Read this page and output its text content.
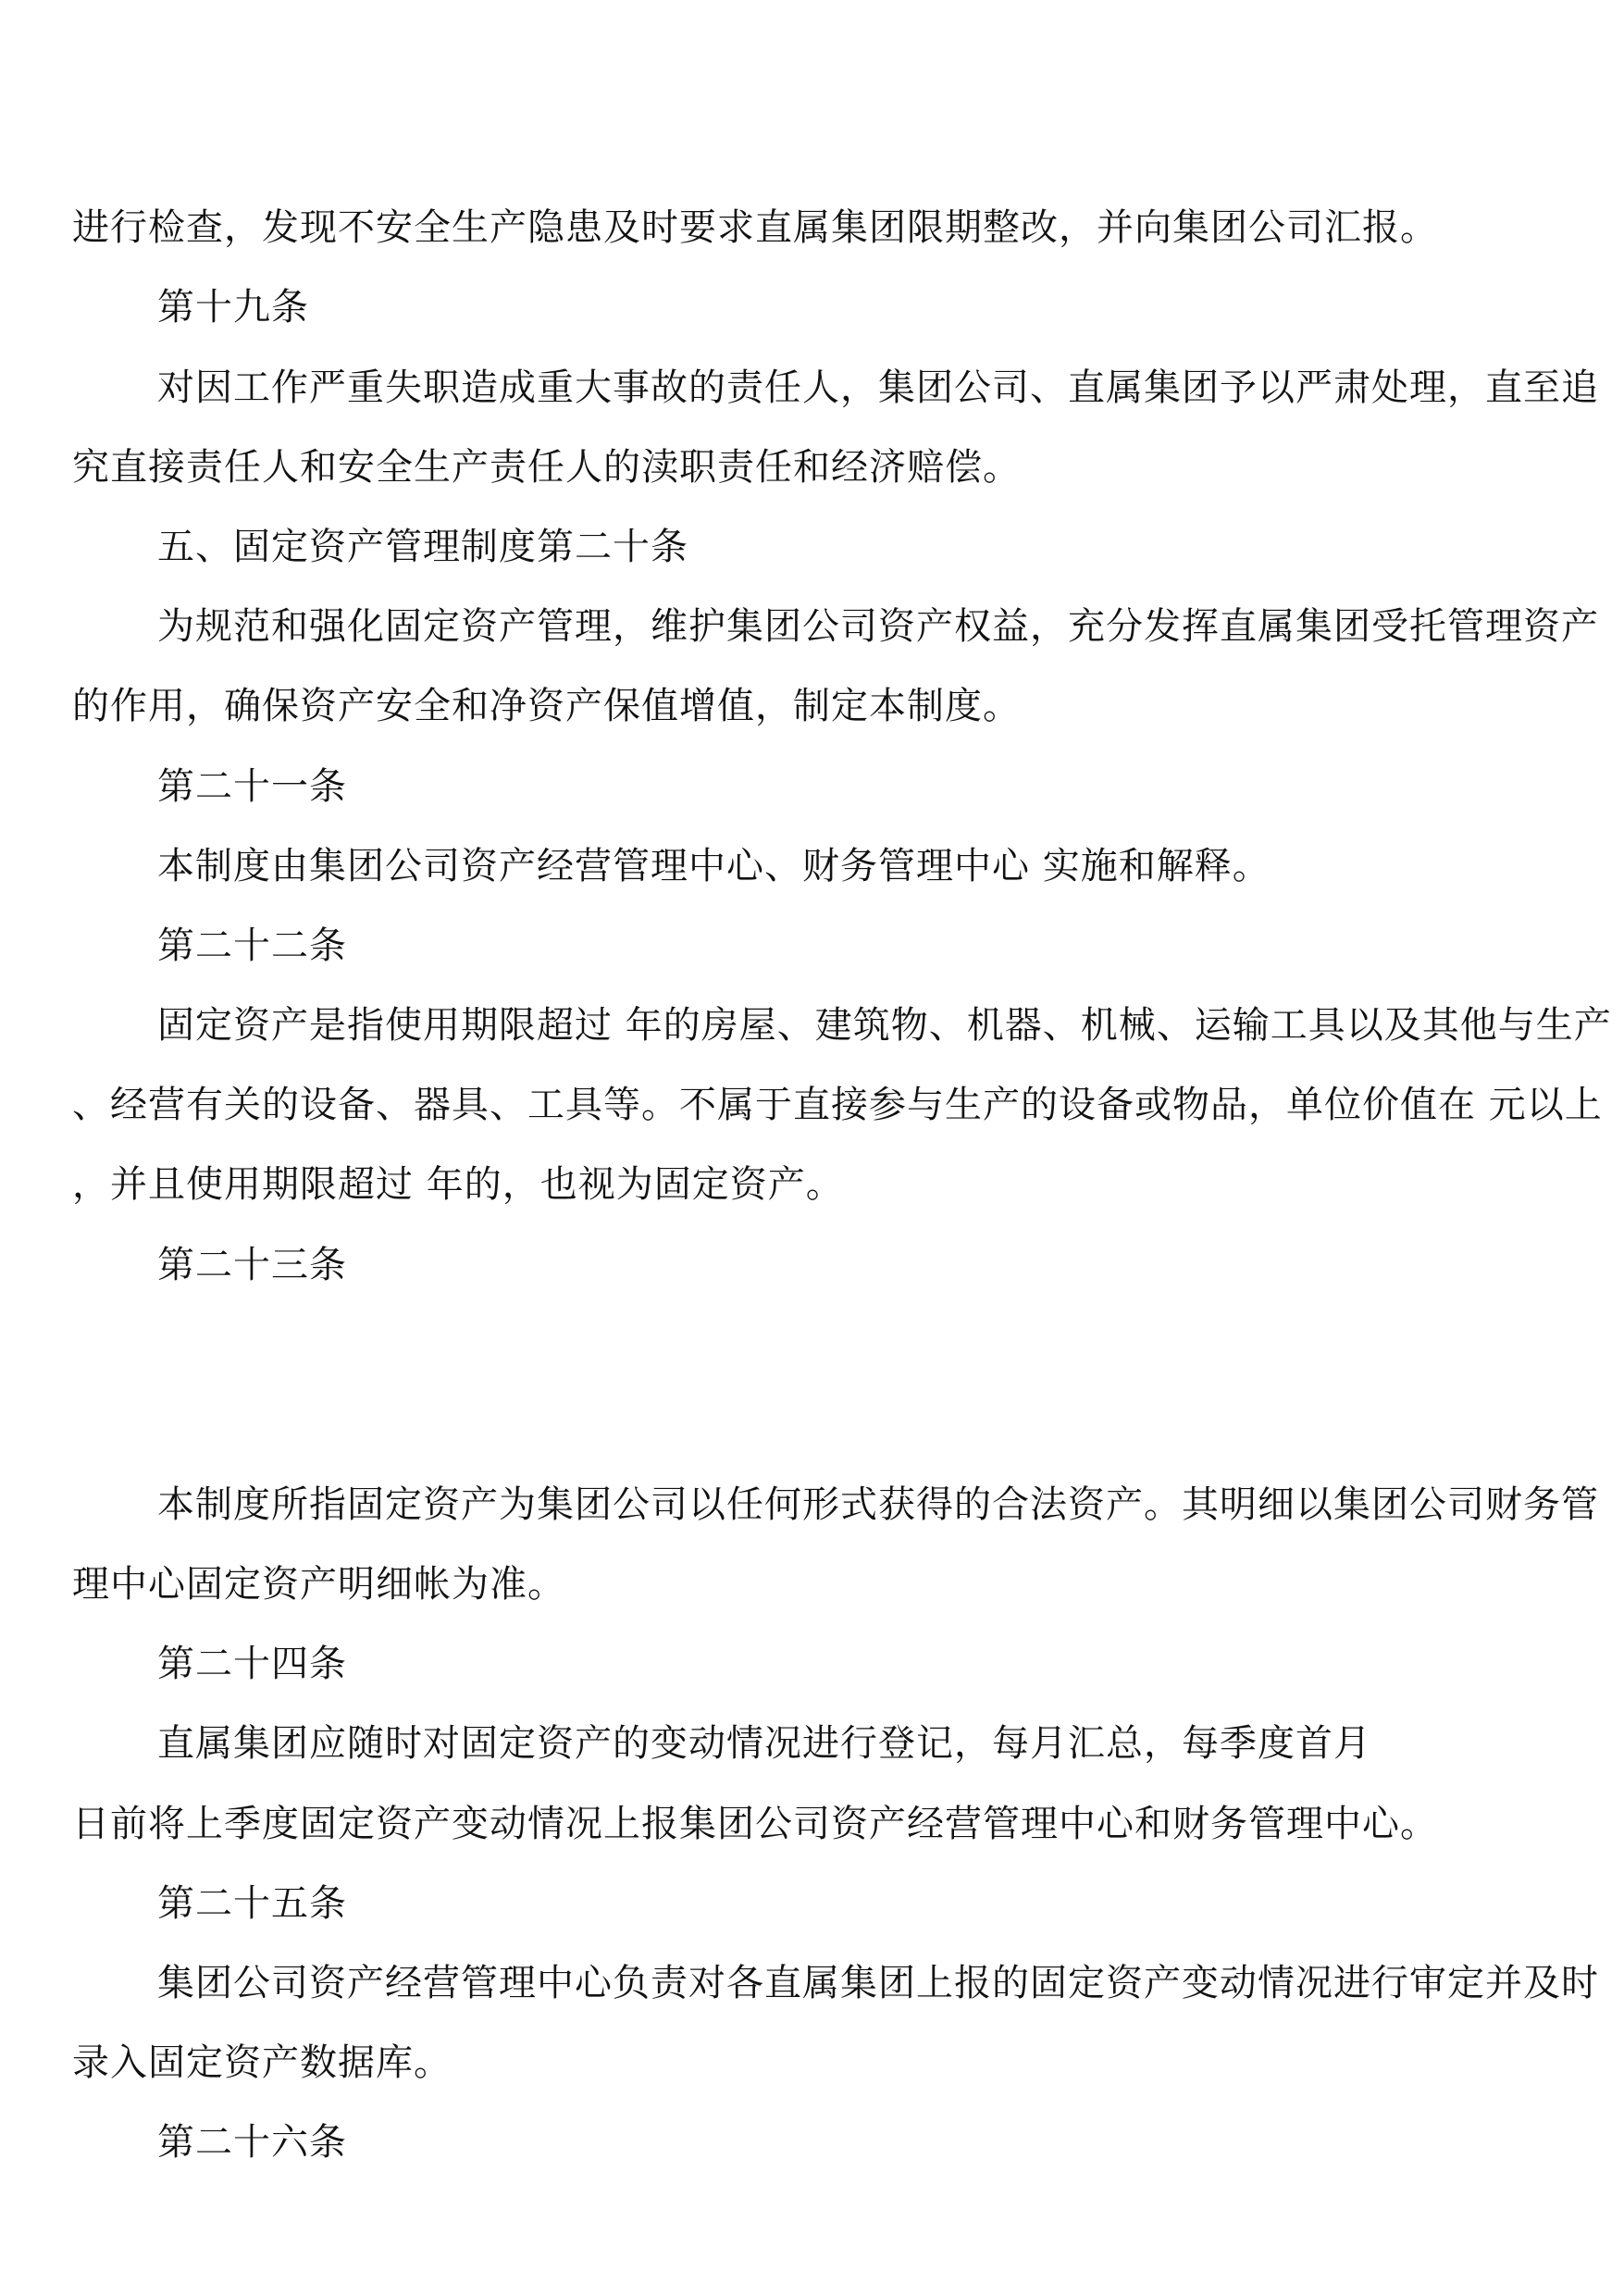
进行检查，发现不安全生产隐患及时要求直属集团限期整改，并向集团公司汇报。
第十九条
对因工作严重失职造成重大事故的责任人，集团公司、直属集团予以严肃处理，直至追
究直接责任人和安全生产责任人的渎职责任和经济赔偿。
五、固定资产管理制度第二十条
为规范和强化固定资产管理，维护集团公司资产权益，充分发挥直属集团受托管理资产
的作用，确保资产安全和净资产保值增值，制定本制度。
第二十一条
本制度由集团公司资产经营管理中心、财务管理中心 实施和解释。
第二十二条
固定资产是指使用期限超过 年的房屋、建筑物、机器、机械、运输工具以及其他与生产
、经营有关的设备、器具、工具等。不属于直接参与生产的设备或物品，单位价值在 元以上
，并且使用期限超过 年的，也视为固定资产。
第二十三条
本制度所指固定资产为集团公司以任何形式获得的合法资产。其明细以集团公司财务管
理中心固定资产明细帐为准。
第二十四条
直属集团应随时对固定资产的变动情况进行登记，每月汇总，每季度首月
日前将上季度固定资产变动情况上报集团公司资产经营管理中心和财务管理中心。
第二十五条
集团公司资产经营管理中心负责对各直属集团上报的固定资产变动情况进行审定并及时
录入固定资产数据库。
第二十六条
